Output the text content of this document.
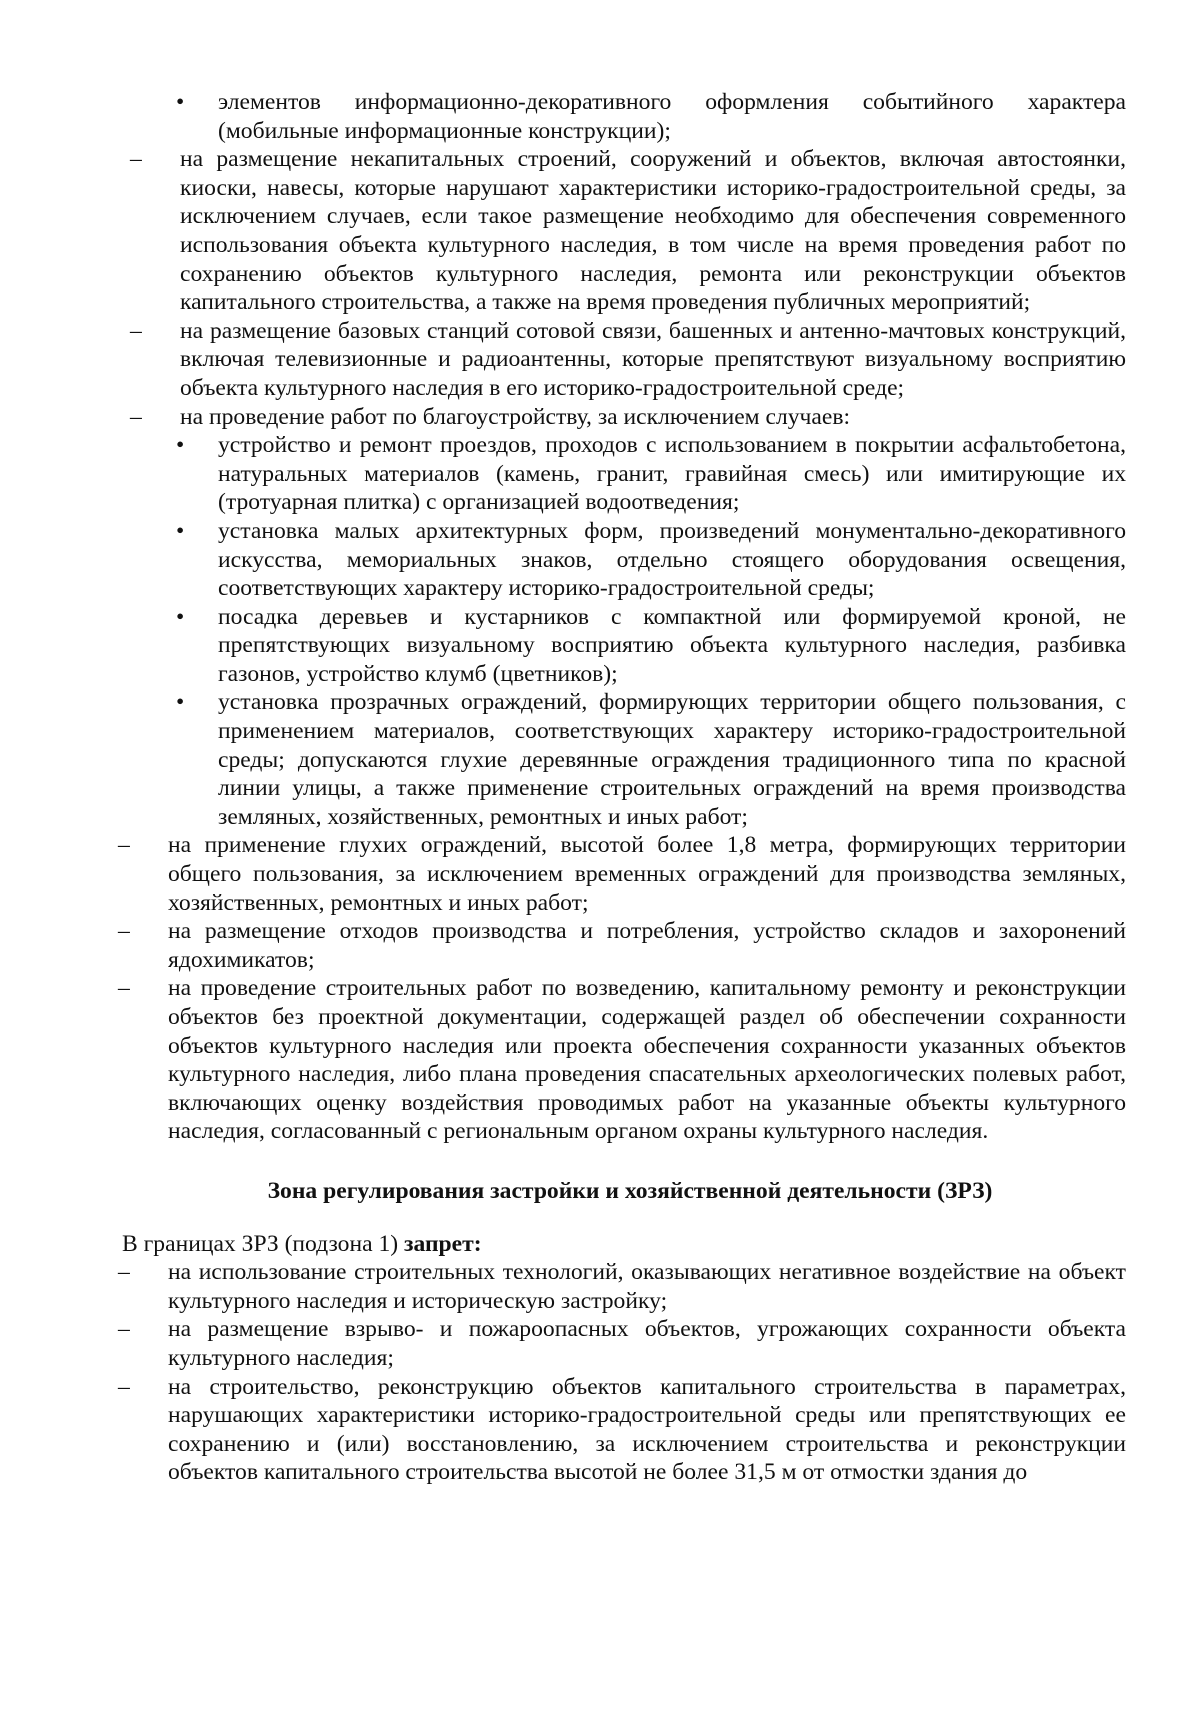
• элементов информационно-декоративного оформления событийного характера (мобильные информационные конструкции);
– на размещение некапитальных строений, сооружений и объектов, включая автостоянки, киоски, навесы, которые нарушают характеристики историко-градостроительной среды, за исключением случаев, если такое размещение необходимо для обеспечения современного использования объекта культурного наследия, в том числе на время проведения работ по сохранению объектов культурного наследия, ремонта или реконструкции объектов капитального строительства, а также на время проведения публичных мероприятий;
– на размещение базовых станций сотовой связи, башенных и антенно-мачтовых конструкций, включая телевизионные и радиоантенны, которые препятствуют визуальному восприятию объекта культурного наследия в его историко-градостроительной среде;
– на проведение работ по благоустройству, за исключением случаев:
• устройство и ремонт проездов, проходов с использованием в покрытии асфальтобетона, натуральных материалов (камень, гранит, гравийная смесь) или имитирующие их (тротуарная плитка) с организацией водоотведения;
• установка малых архитектурных форм, произведений монументально-декоративного искусства, мемориальных знаков, отдельно стоящего оборудования освещения, соответствующих характеру историко-градостроительной среды;
• посадка деревьев и кустарников с компактной или формируемой кроной, не препятствующих визуальному восприятию объекта культурного наследия, разбивка газонов, устройство клумб (цветников);
• установка прозрачных ограждений, формирующих территории общего пользования, с применением материалов, соответствующих характеру историко-градостроительной среды; допускаются глухие деревянные ограждения традиционного типа по красной линии улицы, а также применение строительных ограждений на время производства земляных, хозяйственных, ремонтных и иных работ;
– на применение глухих ограждений, высотой более 1,8 метра, формирующих территории общего пользования, за исключением временных ограждений для производства земляных, хозяйственных, ремонтных и иных работ;
– на размещение отходов производства и потребления, устройство складов и захоронений ядохимикатов;
– на проведение строительных работ по возведению, капитальному ремонту и реконструкции объектов без проектной документации, содержащей раздел об обеспечении сохранности объектов культурного наследия или проекта обеспечения сохранности указанных объектов культурного наследия, либо плана проведения спасательных археологических полевых работ, включающих оценку воздействия проводимых работ на указанные объекты культурного наследия, согласованный с региональным органом охраны культурного наследия.
Зона регулирования застройки и хозяйственной деятельности (ЗРЗ)
В границах ЗРЗ (подзона 1) запрет:
– на использование строительных технологий, оказывающих негативное воздействие на объект культурного наследия и историческую застройку;
– на размещение взрыво- и пожароопасных объектов, угрожающих сохранности объекта культурного наследия;
– на строительство, реконструкцию объектов капитального строительства в параметрах, нарушающих характеристики историко-градостроительной среды или препятствующих ее сохранению и (или) восстановлению, за исключением строительства и реконструкции объектов капитального строительства высотой не более 31,5 м от отмостки здания до
